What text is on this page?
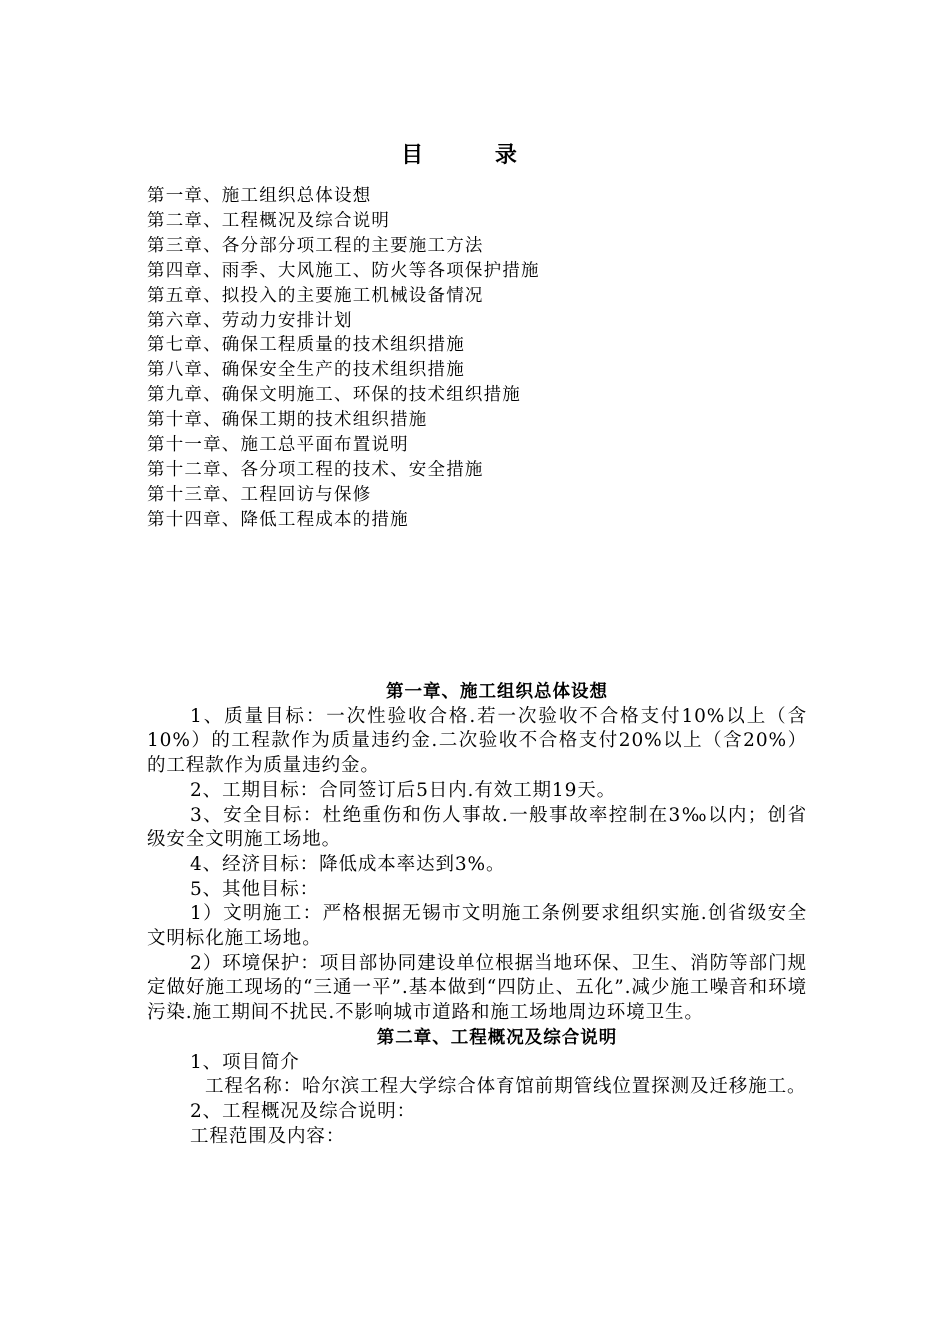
目 录
第一章、施工组织总体设想
第二章、工程概况及综合说明
第三章、各分部分项工程的主要施工方法
第四章、雨季、大风施工、防火等各项保护措施
第五章、拟投入的主要施工机械设备情况
第六章、劳动力安排计划
第七章、确保工程质量的技术组织措施
第八章、确保安全生产的技术组织措施
第九章、确保文明施工、环保的技术组织措施
第十章、确保工期的技术组织措施
第十一章、施工总平面布置说明
第十二章、各分项工程的技术、安全措施
第十三章、工程回访与保修
第十四章、降低工程成本的措施
第一章、施工组织总体设想

1、质量目标：一次性验收合格.若一次验收不合格支付10%以上（含10%）的工程款作为质量违约金.二次验收不合格支付20%以上（含20%）的工程款作为质量违约金。

2、工期目标：合同签订后5日内.有效工期19天。

3、安全目标：杜绝重伤和伤人事故.一般事故率控制在3‰以内；创省级安全文明施工场地。

4、经济目标：降低成本率达到3%。

5、其他目标：

1）文明施工：严格根据无锡市文明施工条例要求组织实施.创省级安全文明标化施工场地。

2）环境保护：项目部协同建设单位根据当地环保、卫生、消防等部门规定做好施工现场的“三通一平”.基本做到“四防止、五化”.减少施工噪音和环境污染.施工期间不扰民.不影响城市道路和施工场地周边环境卫生。

第二章、工程概况及综合说明

1、项目简介

工程名称：哈尔滨工程大学综合体育馆前期管线位置探测及迁移施工。

2、工程概况及综合说明：

工程范围及内容：
